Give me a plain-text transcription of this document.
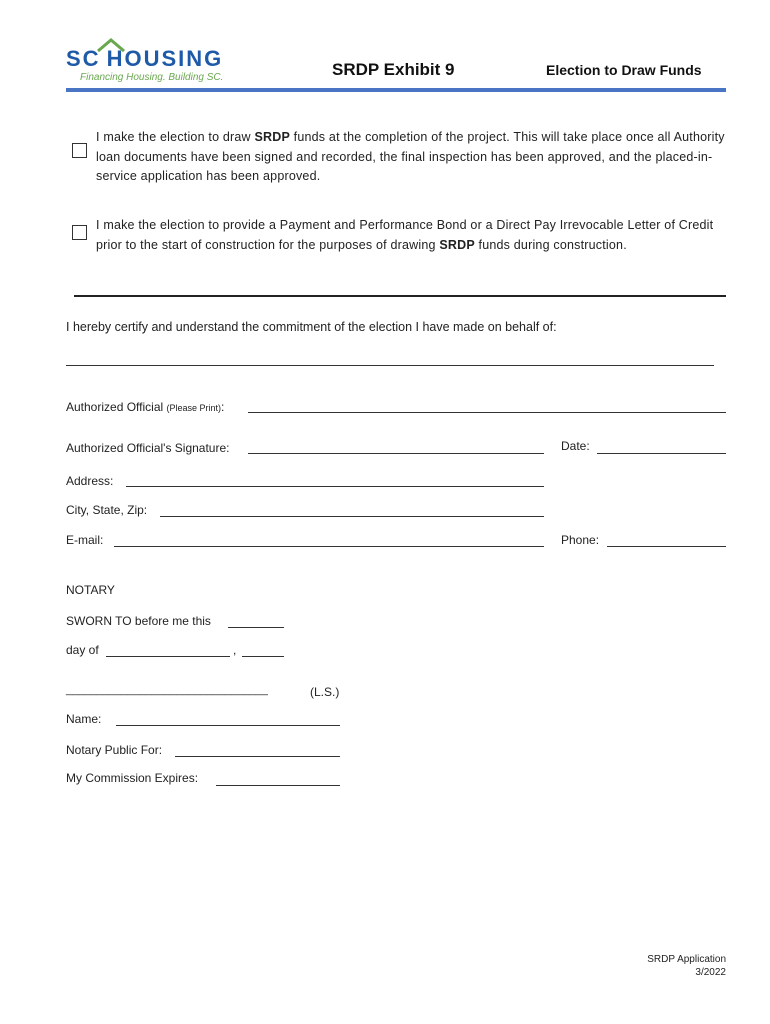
SC HOUSING
Financing Housing. Building SC.	SRDP Exhibit 9	Election to Draw Funds
I make the election to draw SRDP funds at the completion of the project. This will take place once all Authority loan documents have been signed and recorded, the final inspection has been approved, and the placed-in-service application has been approved.
I make the election to provide a Payment and Performance Bond or a Direct Pay Irrevocable Letter of Credit prior to the start of construction for the purposes of drawing SRDP funds during construction.
I hereby certify and understand the commitment of the election I have made on behalf of:
Authorized Official (Please Print):
Authorized Official's Signature:	Date:
Address:
City, State, Zip:
E-mail:	Phone:
NOTARY
SWORN TO before me this
day of	,
_________________________________	(L.S.)
Name:
Notary Public For:
My Commission Expires:
SRDP Application
3/2022
